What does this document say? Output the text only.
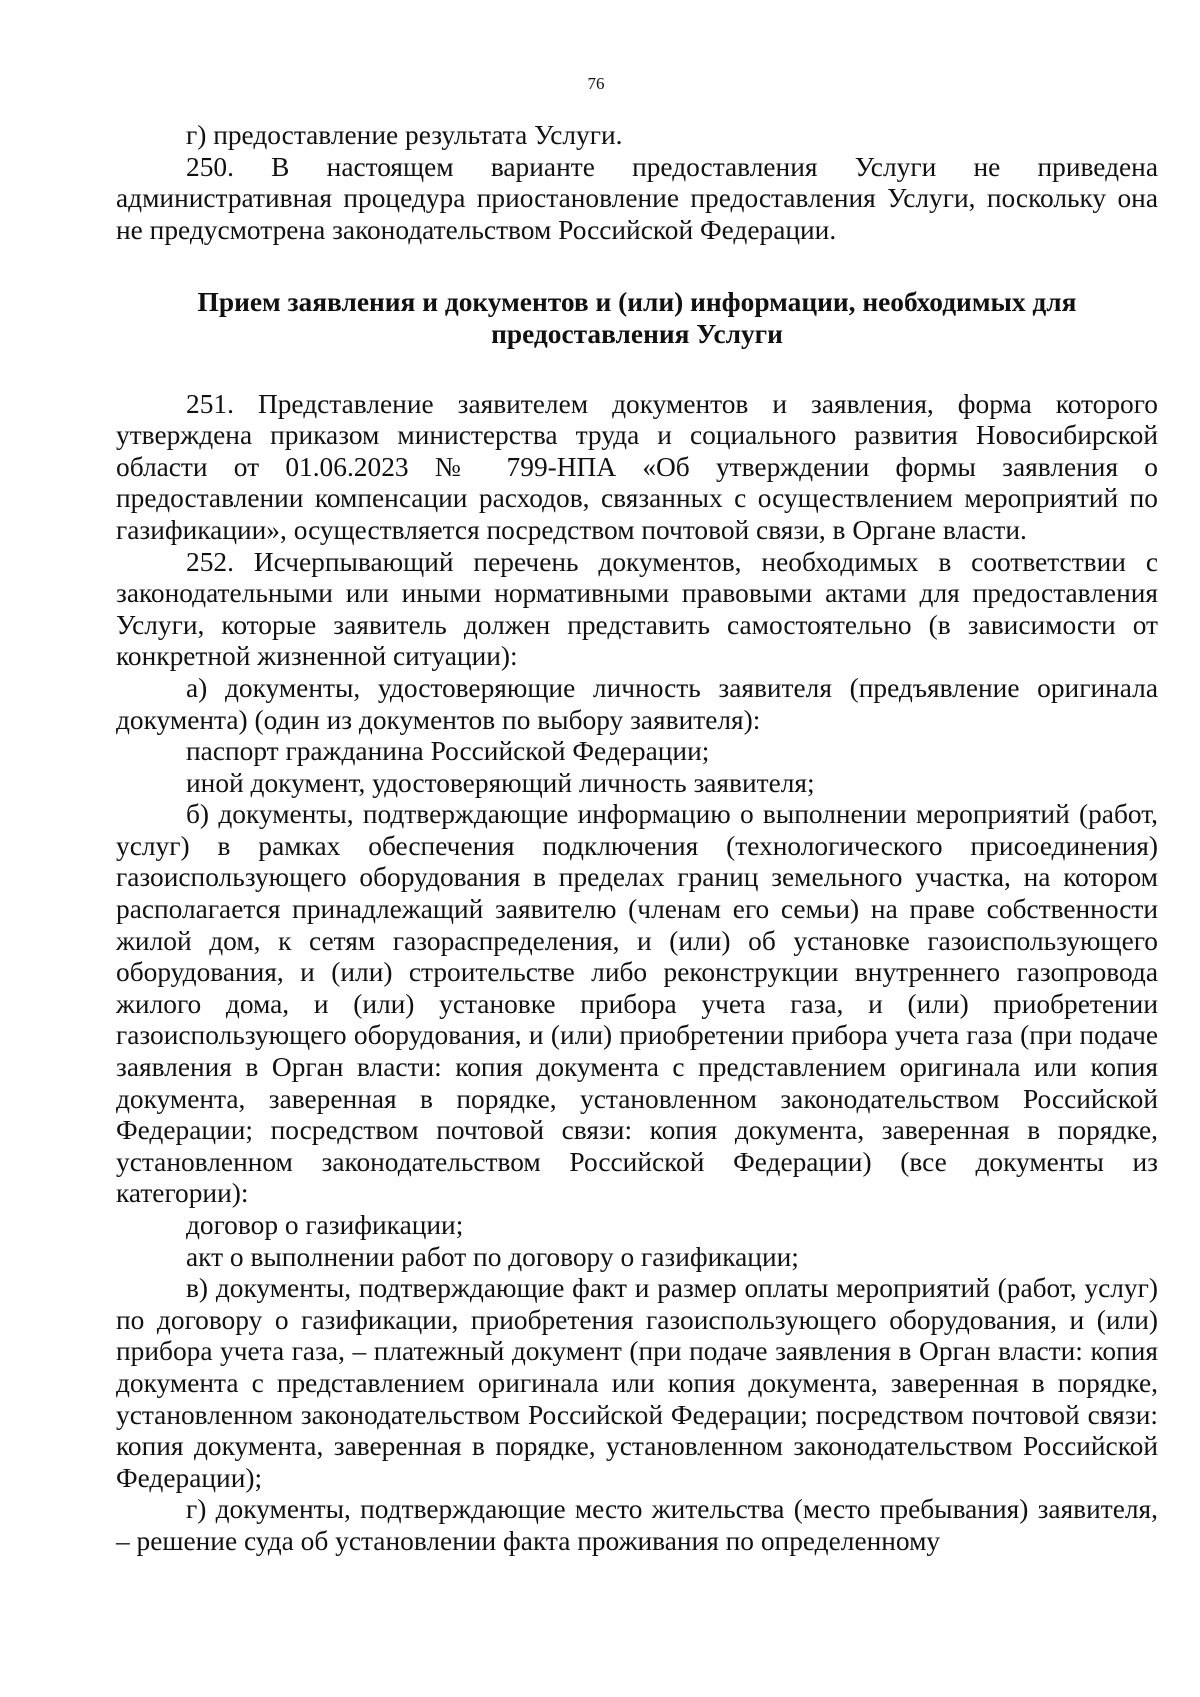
76

г) предоставление результата Услуги.

250. В настоящем варианте предоставления Услуги не приведена административная процедура приостановление предоставления Услуги, поскольку она не предусмотрена законодательством Российской Федерации.

Прием заявления и документов и (или) информации, необходимых для
предоставления Услуги

251. Представление заявителем документов и заявления, форма которого утверждена приказом министерства труда и социального развития Новосибирской области от 01.06.2023 № 799-НПА «Об утверждении формы заявления о предоставлении компенсации расходов, связанных с осуществлением мероприятий по газификации», осуществляется посредством почтовой связи, в Органе власти.

252. Исчерпывающий перечень документов, необходимых в соответствии с законодательными или иными нормативными правовыми актами для предоставления Услуги, которые заявитель должен представить самостоятельно (в зависимости от конкретной жизненной ситуации):

а) документы, удостоверяющие личность заявителя (предъявление оригинала документа) (один из документов по выбору заявителя):

паспорт гражданина Российской Федерации;

иной документ, удостоверяющий личность заявителя;

б) документы, подтверждающие информацию о выполнении мероприятий (работ, услуг) в рамках обеспечения подключения (технологического присоединения) газоиспользующего оборудования в пределах границ земельного участка, на котором располагается принадлежащий заявителю (членам его семьи) на праве собственности жилой дом, к сетям газораспределения, и (или) об установке газоиспользующего оборудования, и (или) строительстве либо реконструкции внутреннего газопровода жилого дома, и (или) установке прибора учета газа, и (или) приобретении газоиспользующего оборудования, и (или) приобретении прибора учета газа (при подаче заявления в Орган власти: копия документа с представлением оригинала или копия документа, заверенная в порядке, установленном законодательством Российской Федерации; посредством почтовой связи: копия документа, заверенная в порядке, установленном законодательством Российской Федерации) (все документы из категории):

договор о газификации;

акт о выполнении работ по договору о газификации;

в) документы, подтверждающие факт и размер оплаты мероприятий (работ, услуг) по договору о газификации, приобретения газоиспользующего оборудования, и (или) прибора учета газа, – платежный документ (при подаче заявления в Орган власти: копия документа с представлением оригинала или копия документа, заверенная в порядке, установленном законодательством Российской Федерации; посредством почтовой связи: копия документа, заверенная в порядке, установленном законодательством Российской Федерации);

г) документы, подтверждающие место жительства (место пребывания) заявителя, – решение суда об установлении факта проживания по определенному
